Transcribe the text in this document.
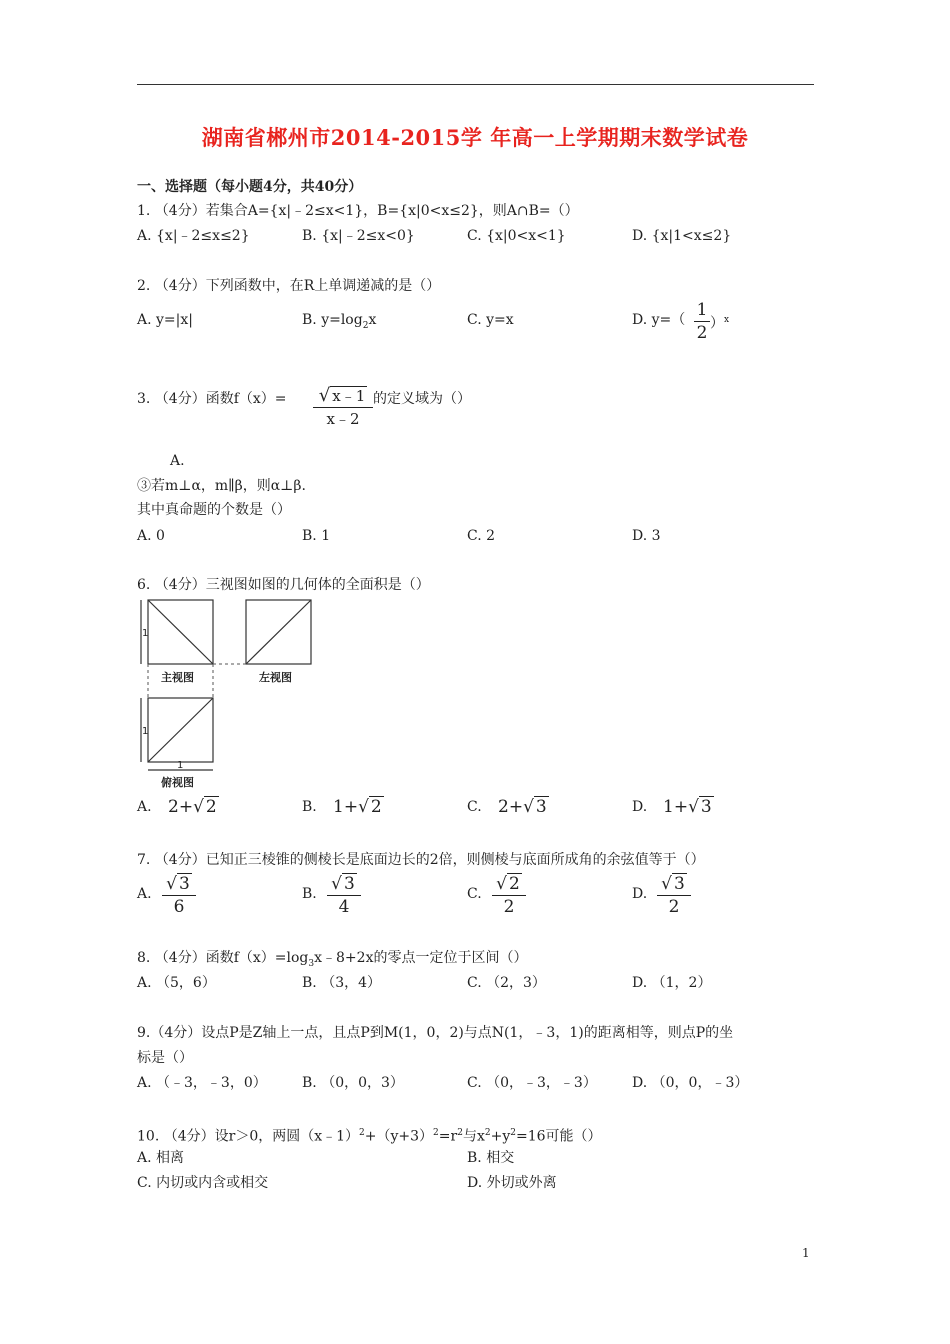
湖南省郴州市2014-2015学 年高一上学期期末数学试卷
一、选择题（每小题4分，共40分）
1. （4分）若集合A={x|﹣2≤x<1}，B={x|0<x≤2}，则A∩B=（）
A. {x|﹣2≤x≤2}	B. {x|﹣2≤x<0}	C. {x|0<x<1}	D. {x|1<x≤2}
2. （4分）下列函数中，在R上单调递减的是（）
A. y=|x|	B. $y=\log_2x$	C. y=x	D. y=（ 1
2 ）$^x$
3. （4分）函数f（x）=	√ x﹣1
x﹣2
的定义域为（）
A.
③若m⊥α，m∥β，则α⊥β.
其中真命题的个数是（）
A. 0	B. 1	C. 2	D. 3
6. （4分）三视图如图的几何体的全面积是（）
1
1
1
主视图	左视图
俯视图
A. 2+√ 2	B. 1+√ 2	C. 2+√ 3	D. 1+√ 3
7. （4分）已知正三棱锥的侧棱长是底面边长的2倍，则侧棱与底面所成角的余弦值等于（）
A. √ 3
6
B. √ 3
4
C. √ 2
2
D. √ 3
2
8. （4分）函数$f(x)=\log_3x﹣8+2x$的零点一定位于区间（）
A. （5，6）	B. （3，4）	C. （2，3）	D. （1，2）
9.（4分）设点P是Z轴上一点，且点P到M(1，0，2)与点N(1，﹣3，1)的距离相等，则点P的坐
标是（）
A. （﹣3，﹣3，0）	B. （0，0，3）	C. （0，﹣3，﹣3）	D. （0，0，﹣3）
10. （4分）设r＞0，两圆$(x﹣1)^2+(y+3)^2=r^2$与$x^2+y^2=16$可能（）
A. 相离	B. 相交
C. 内切或内含或相交	D. 外切或外离
1
